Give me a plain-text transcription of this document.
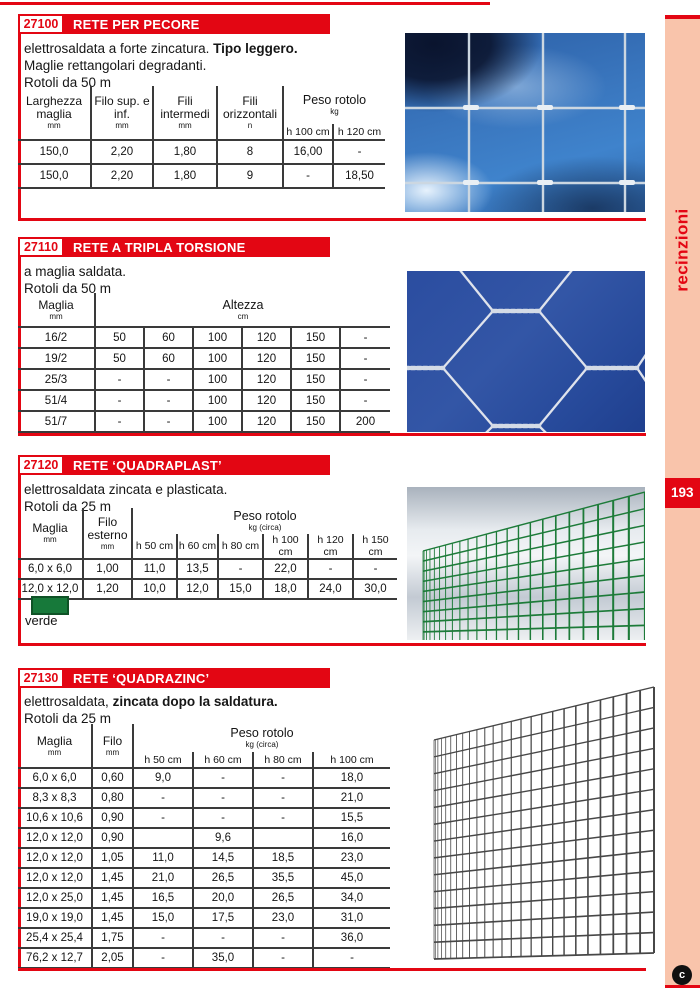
27100 RETE PER PECORE
elettrosaldata a forte zincatura. Tipo leggero.
Maglie rettangolari degradanti.
Rotoli da 50 m
Larghezza maglia
mm

Filo sup. e inf.
mm

Fili intermedi
mm

Fili orizzontali
n

Peso rotolo
kg

				h 100 cm	h 120 cm
150,0	2,20	1,80	8	16,00	-
150,0	2,20	1,80	9	-	18,50
27110	RETE A TRIPLA TORSIONE
a maglia saldata.
Rotoli da 50 m
Maglia
mm

Altezza
cm

16/2	50	60	100	120	150	-
19/2	50	60	100	120	150	-
25/3	-	-	100	120	150	-
51/4	-	-	100	120	150	-
51/7	-	-	100	120	150	200
27120 RETE ‘QUADRAPLAST’
elettrosaldata zincata e plasticata.
Rotoli da 25 m
Maglia
mm

Filo esterno
mm

Peso rotolo
kg (circa)

		h 50 cm	h 60 cm	h 80 cm	h 100 cm	h 120 cm	h 150 cm
6,0 x 6,0	1,00	11,0	13,5	-	22,0	-	-
12,0 x 12,0	1,20	10,0	12,0	15,0	18,0	24,0	30,0
verde
27130 RETE ‘QUADRAZINC’
elettrosaldata, zincata dopo la saldatura.
Rotoli da 25 m
Maglia
mm

Filo
mm

Peso rotolo
kg (circa)

		h 50 cm	h 60 cm	h 80 cm	h 100 cm
6,0 x 6,0	0,60	9,0	-	-	18,0
8,3 x 8,3	0,80	-	-	-	21,0
10,6 x 10,6	0,90	-	-	-	15,5
12,0 x 12,0	0,90		9,6		16,0
12,0 x 12,0	1,05	11,0	14,5	18,5	23,0
12,0 x 12,0	1,45	21,0	26,5	35,5	45,0
12,0 x 25,0	1,45	16,5	20,0	26,5	34,0
19,0 x 19,0	1,45	15,0	17,5	23,0	31,0
25,4 x 25,4	1,75	-	-	-	36,0
76,2 x 12,7	2,05	-	35,0	-	-
recinzioni
193
c
